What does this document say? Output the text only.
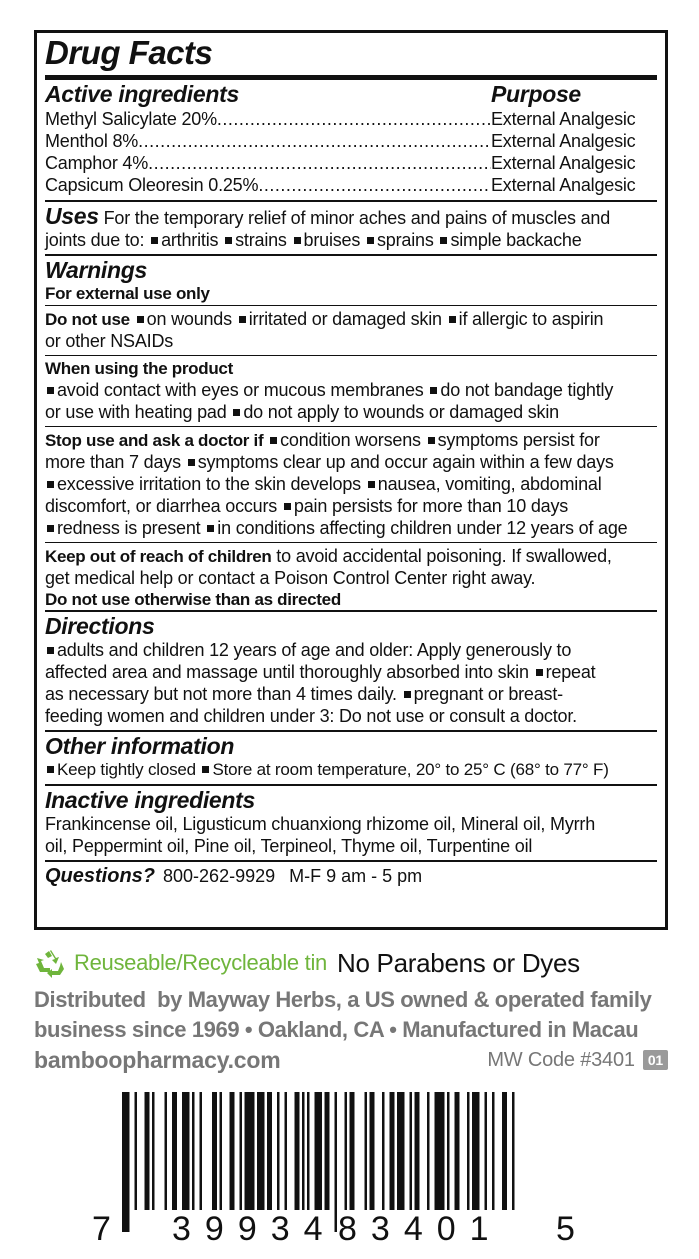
Drug Facts
Active ingredients	Purpose
Methyl Salicylate 20% .....	External Analgesic
Menthol 8% .....	External Analgesic
Camphor 4% .....	External Analgesic
Capsicum Oleoresin 0.25% .....	External Analgesic
Uses For the temporary relief of minor aches and pains of muscles and
joints due to: arthritis strains bruises sprains simple backache
Warnings
For external use only
Do not use on wounds irritated or damaged skin if allergic to aspirin
or other NSAIDs
When using the product
avoid contact with eyes or mucous membranes do not bandage tightly
or use with heating pad do not apply to wounds or damaged skin
Stop use and ask a doctor if condition worsens symptoms persist for
more than 7 days symptoms clear up and occur again within a few days
excessive irritation to the skin develops nausea, vomiting, abdominal
discomfort, or diarrhea occurs pain persists for more than 10 days
redness is present in conditions affecting children under 12 years of age
Keep out of reach of children to avoid accidental poisoning. If swallowed,
get medical help or contact a Poison Control Center right away.
Do not use otherwise than as directed
Directions
adults and children 12 years of age and older: Apply generously to
affected area and massage until thoroughly absorbed into skin repeat
as necessary but not more than 4 times daily. pregnant or breast-
feeding women and children under 3: Do not use or consult a doctor.
Other information
Keep tightly closed Store at room temperature, 20° to 25° C (68° to 77° F)
Inactive ingredients
Frankincense oil, Ligusticum chuanxiong rhizome oil, Mineral oil, Myrrh
oil, Peppermint oil, Pine oil, Terpineol, Thyme oil, Turpentine oil
Questions? 800-262-9929 M-F 9 am - 5 pm
Reuseable/Recycleable tin No Parabens or Dyes
Distributed  by Mayway Herbs, a US owned & operated family
business since 1969 • Oakland, CA • Manufactured in Macau
bamboopharmacy.com	MW Code #3401 01
7 39934 83401 5
